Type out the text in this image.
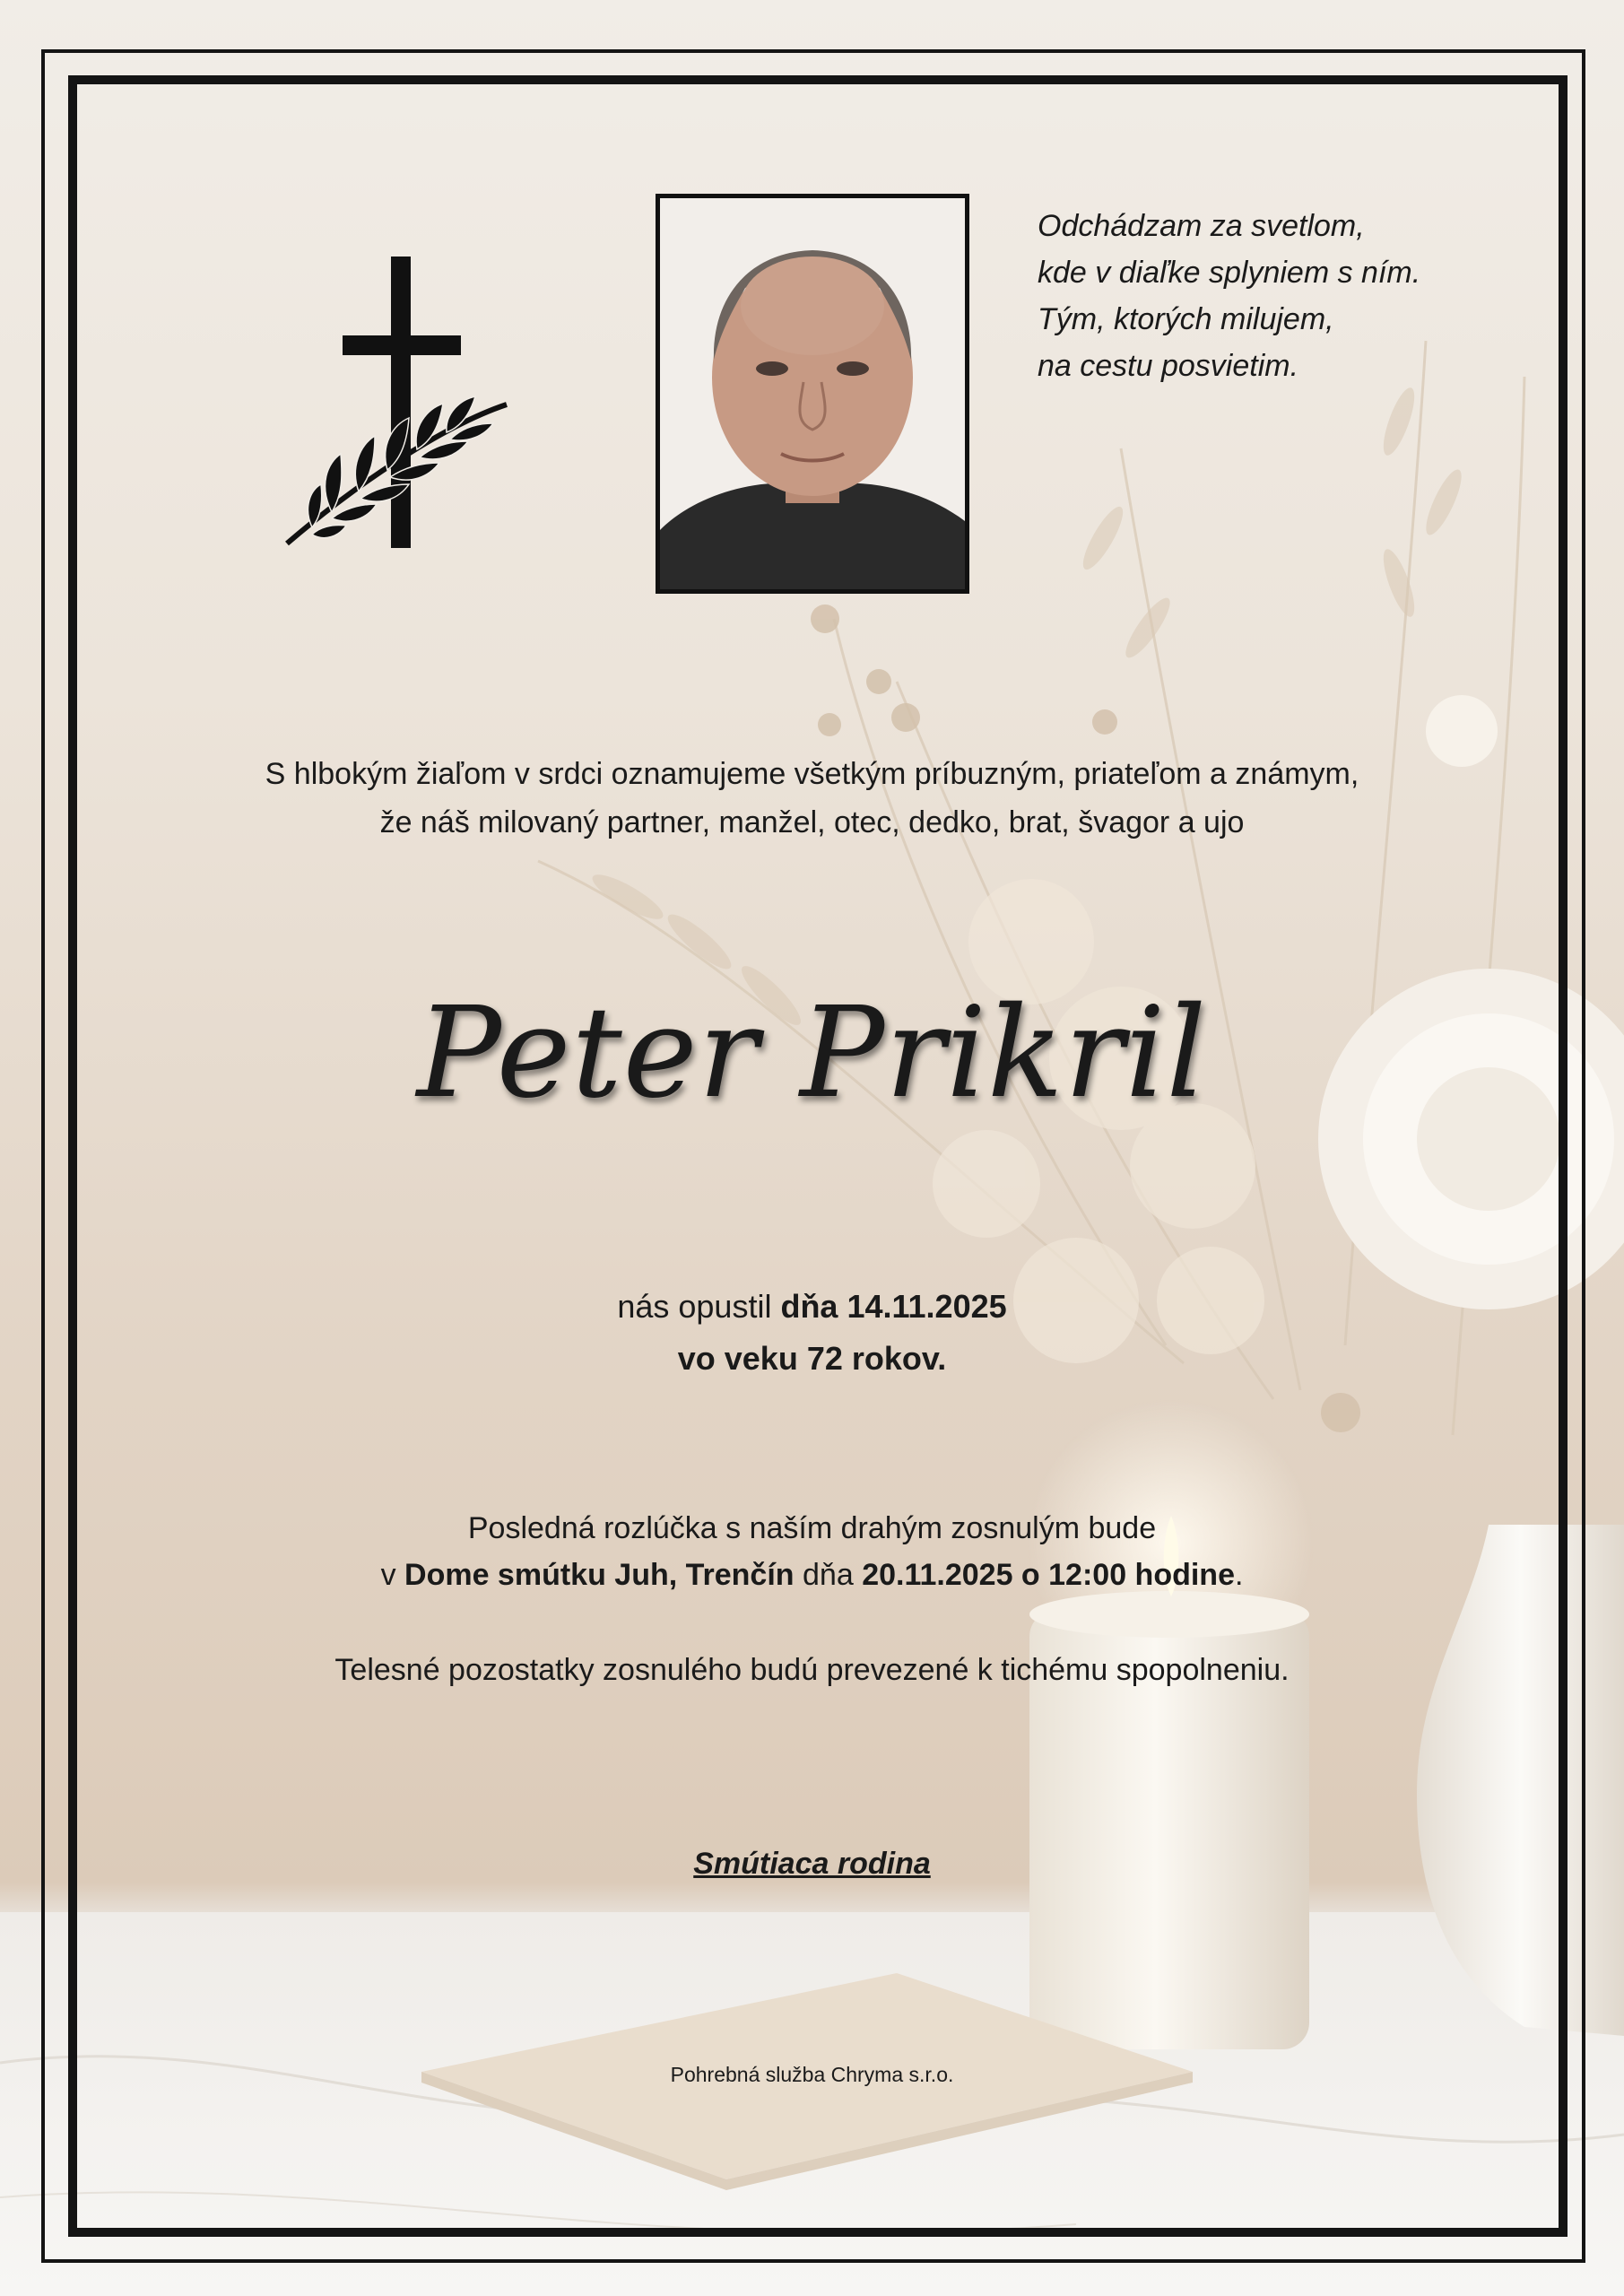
Odchádzam za svetlom,
kde v diaľke splyniem s ním.
Tým, ktorých milujem,
na cestu posvietim.
S hlbokým žiaľom v srdci oznamujeme všetkým príbuzným, priateľom a známym,
že náš milovaný partner, manžel, otec, dedko, brat, švagor a ujo
Peter Prikril
nás opustil dňa 14.11.2025
vo veku 72 rokov.
Posledná rozlúčka s naším drahým zosnulým bude
v Dome smútku Juh, Trenčín dňa 20.11.2025 o 12:00 hodine.
Telesné pozostatky zosnulého budú prevezené k tichému spopolneniu.
Smútiaca rodina
Pohrebná služba Chryma s.r.o.
